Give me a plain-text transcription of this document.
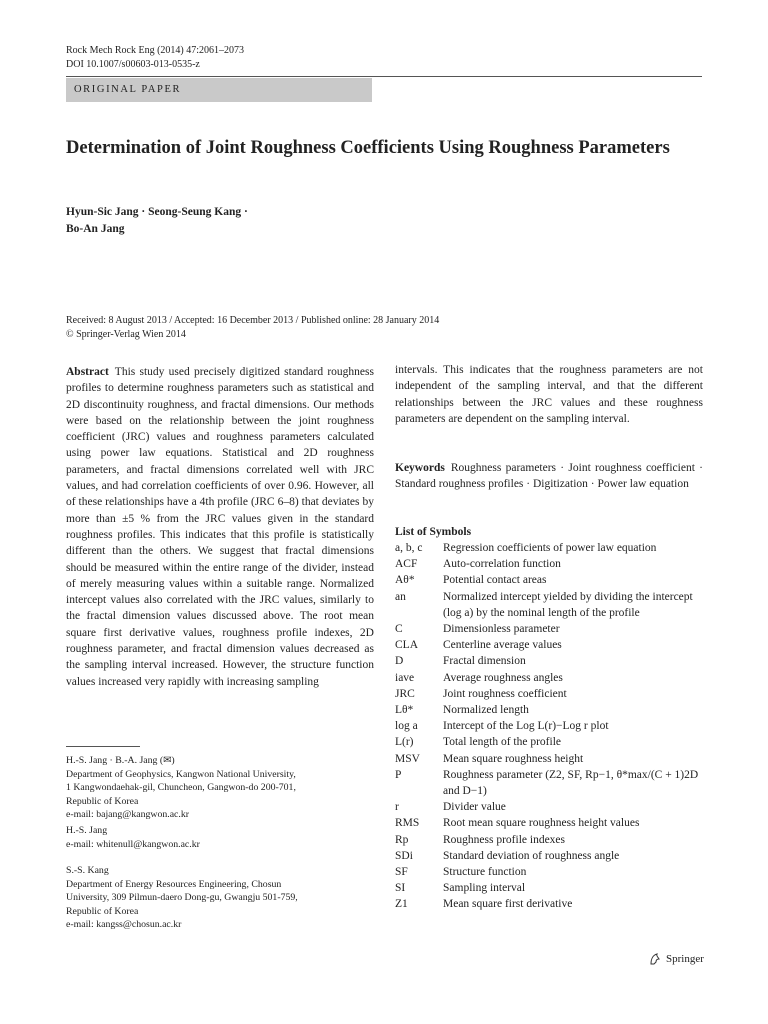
Rock Mech Rock Eng (2014) 47:2061–2073
DOI 10.1007/s00603-013-0535-z
ORIGINAL PAPER
Determination of Joint Roughness Coefficients Using Roughness Parameters
Hyun-Sic Jang · Seong-Seung Kang ·
Bo-An Jang
Received: 8 August 2013 / Accepted: 16 December 2013 / Published online: 28 January 2014
© Springer-Verlag Wien 2014
Abstract This study used precisely digitized standard roughness profiles to determine roughness parameters such as statistical and 2D discontinuity roughness, and fractal dimensions. Our methods were based on the relationship between the joint roughness coefficient (JRC) values and roughness parameters calculated using power law equations. Statistical and 2D roughness parameters, and fractal dimensions correlated well with JRC values, and had correlation coefficients of over 0.96. However, all of these relationships have a 4th profile (JRC 6–8) that deviates by more than ±5 % from the JRC values given in the standard roughness profiles. This indicates that this profile is statistically different than the others. We suggest that fractal dimensions should be measured within the entire range of the divider, instead of merely measuring values within a suitable range. Normalized intercept values also correlated with the JRC values, similarly to the fractal dimension values discussed above. The root mean square first derivative values, roughness profile indexes, 2D roughness parameter, and fractal dimension values decreased as the sampling interval increased. However, the structure function values increased very rapidly with increasing sampling
intervals. This indicates that the roughness parameters are not independent of the sampling interval, and that the different relationships between the JRC values and these roughness parameters are dependent on the sampling interval.
Keywords Roughness parameters · Joint roughness coefficient · Standard roughness profiles · Digitization · Power law equation
H.-S. Jang · B.-A. Jang (✉)
Department of Geophysics, Kangwon National University,
1 Kangwondaehak-gil, Chuncheon, Gangwon-do 200-701,
Republic of Korea
e-mail: bajang@kangwon.ac.kr
H.-S. Jang
e-mail: whitenull@kangwon.ac.kr
S.-S. Kang
Department of Energy Resources Engineering, Chosun
University, 309 Pilmun-daero Dong-gu, Gwangju 501-759,
Republic of Korea
e-mail: kangss@chosun.ac.kr
List of Symbols
a, b, c	Regression coefficients of power law equation
ACF	Auto-correlation function
Aθ*	Potential contact areas
an	Normalized intercept yielded by dividing the intercept (log a) by the nominal length of the profile
C	Dimensionless parameter
CLA	Centerline average values
D	Fractal dimension
iave	Average roughness angles
JRC	Joint roughness coefficient
Lθ*	Normalized length
log a	Intercept of the Log L(r)−Log r plot
L(r)	Total length of the profile
MSV	Mean square roughness height
P	Roughness parameter (Z2, SF, Rp−1, θ*max/(C + 1)2D and D−1)
r	Divider value
RMS	Root mean square roughness height values
Rp	Roughness profile indexes
SDi	Standard deviation of roughness angle
SF	Structure function
SI	Sampling interval
Z1	Mean square first derivative
Springer
